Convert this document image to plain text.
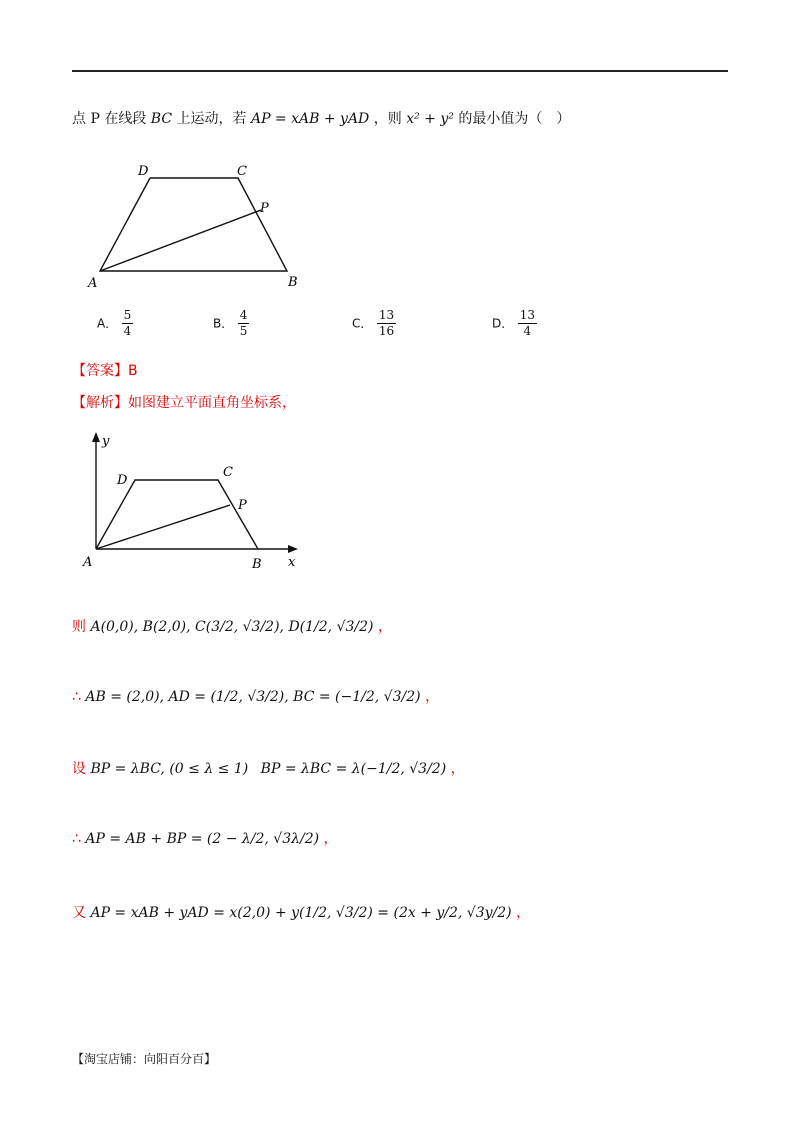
点 P 在线段 BC 上运动，若 AP = xAB + yAD ，则 x² + y² 的最小值为（　）
D	C
P
A	B
A． $\frac{5}{4}$	B． $\frac{4}{5}$	C． $\frac{13}{16}$	D． $\frac{13}{4}$
【答案】B
【解析】如图建立平面直角坐标系，
y
x
D
C
P
A	B
则 A(0,0), B(2,0), C(3/2, √3/2), D(1/2, √3/2) ，
∴ AB = (2,0), AD = (1/2, √3/2), BC = (−1/2, √3/2) ，
设 BP = λBC, (0 ≤ λ ≤ 1) BP = λBC = λ(−1/2, √3/2) ，
∴ AP = AB + BP = (2 − λ/2, √3λ/2) ，
又 AP = xAB + yAD = x(2,0) + y(1/2, √3/2) = (2x + y/2, √3y/2) ，
【淘宝店铺：向阳百分百】
